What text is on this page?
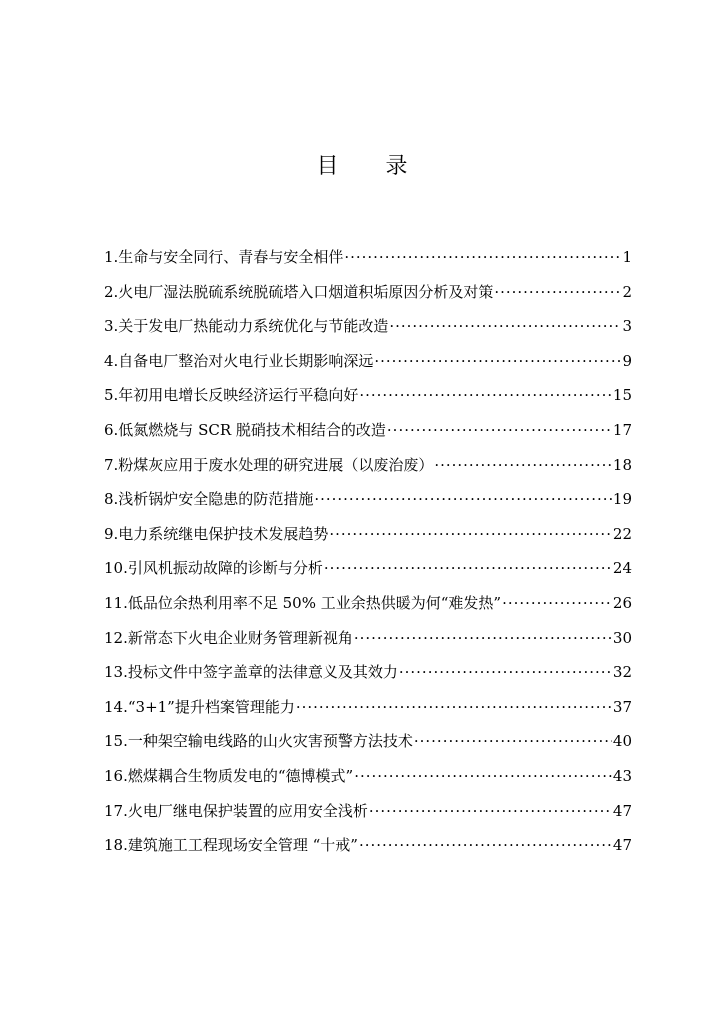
目 录
1.生命与安全同行、青春与安全相伴 ·····	1
2.火电厂湿法脱硫系统脱硫塔入口烟道积垢原因分析及对策 ·····	2
3.关于发电厂热能动力系统优化与节能改造 ·····	3
4.自备电厂整治对火电行业长期影响深远 ·····	9
5.年初用电增长反映经济运行平稳向好 ·····	15
6.低氮燃烧与 SCR 脱硝技术相结合的改造 ·····	17
7.粉煤灰应用于废水处理的研究进展（以废治废） ·····	18
8.浅析锅炉安全隐患的防范措施 ·····	19
9.电力系统继电保护技术发展趋势 ·····	22
10.引风机振动故障的诊断与分析 ·····	24
11.低品位余热利用率不足 50% 工业余热供暖为何“难发热” ·····	26
12.新常态下火电企业财务管理新视角 ·····	30
13.投标文件中签字盖章的法律意义及其效力 ·····	32
14.“3+1”提升档案管理能力 ·····	37
15.一种架空输电线路的山火灾害预警方法技术 ·····	40
16.燃煤耦合生物质发电的“德博模式” ·····	43
17.火电厂继电保护装置的应用安全浅析 ·····	47
18.建筑施工工程现场安全管理 “十戒” ·····	47
